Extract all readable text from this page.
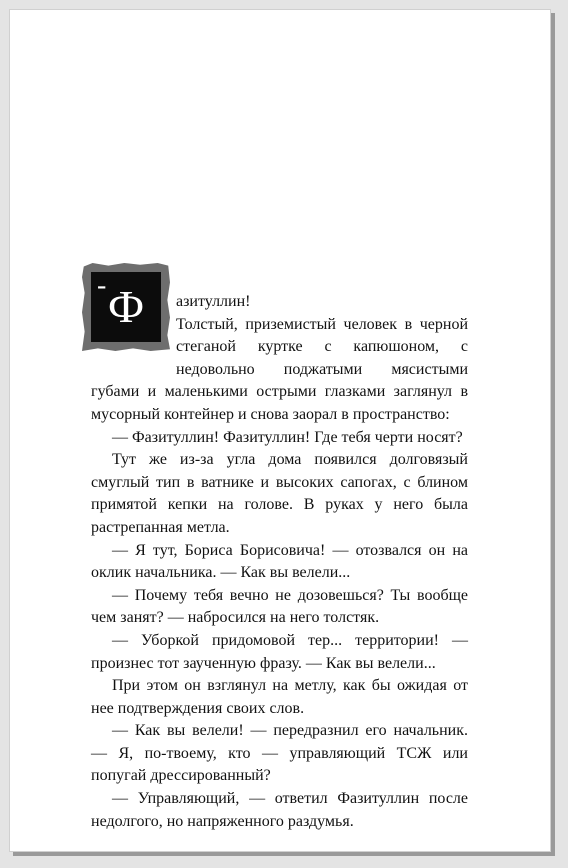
- Ф	азитуллин!

Толстый, приземистый человек в черной стеганой куртке с капюшоном, с недовольно поджатыми мясистыми губами и маленькими острыми глазками заглянул в мусорный контейнер и снова заорал в пространство:

— Фазитуллин! Фазитуллин! Где тебя черти носят?

Тут же из-за угла дома появился долговязый смуглый тип в ватнике и высоких сапогах, с блином примятой кепки на голове. В руках у него была растрепанная метла.

— Я тут, Бориса Борисовича! — отозвался он на оклик начальника. — Как вы велели...

— Почему тебя вечно не дозовешься? Ты вообще чем занят? — набросился на него толстяк.

— Уборкой придомовой тер... территории! — произнес тот заученную фразу. — Как вы велели...

При этом он взглянул на метлу, как бы ожидая от нее подтверждения своих слов.

— Как вы велели! — передразнил его начальник. — Я, по-твоему, кто — управляющий ТСЖ или попугай дрессированный?

— Управляющий, — ответил Фазитуллин после недолгого, но напряженного раздумья.
